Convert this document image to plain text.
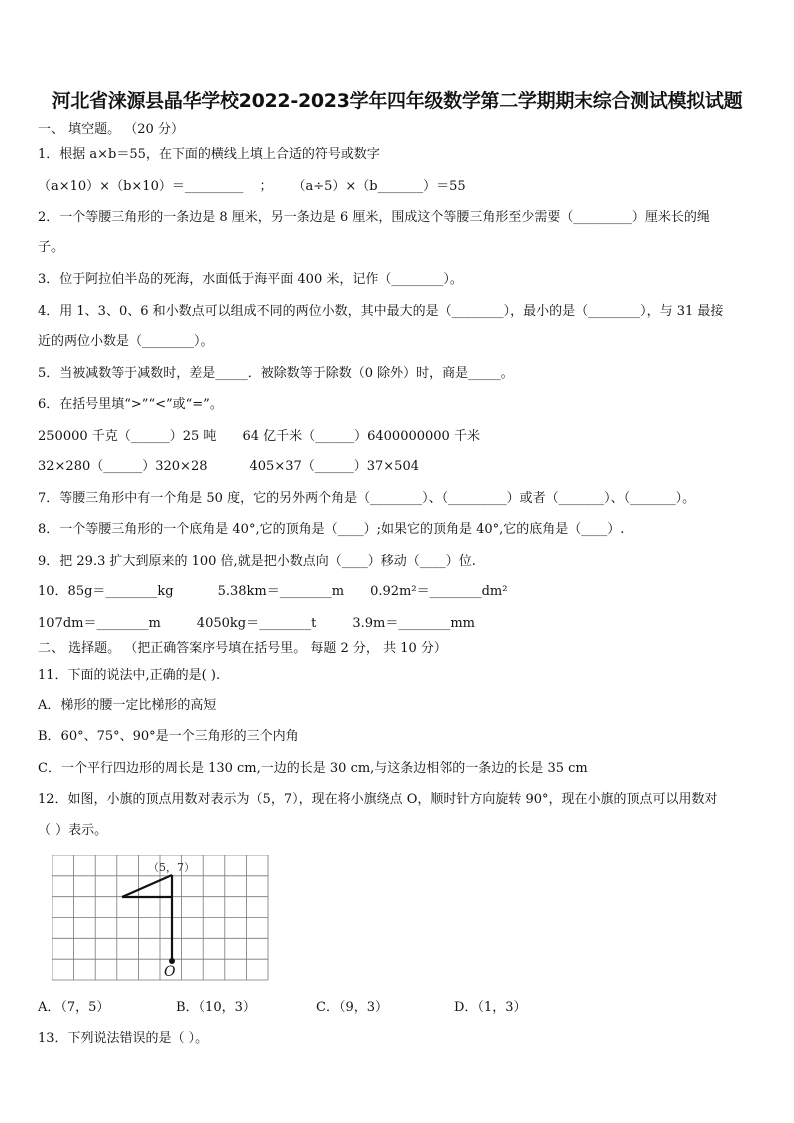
河北省涞源县晶华学校2022-2023学年四年级数学第二学期期末综合测试模拟试题
一、 填空题。 （20 分）
1．根据 a×b＝55，在下面的横线上填上合适的符号或数字
（a×10）×（b×10）＝_________ ； （a÷5）×（b_______）＝55
2．一个等腰三角形的一条边是 8 厘米，另一条边是 6 厘米，围成这个等腰三角形至少需要（_________）厘米长的绳
子。
3．位于阿拉伯半岛的死海，水面低于海平面 400 米，记作（________）。
4．用 1、3、0、6 和小数点可以组成不同的两位小数，其中最大的是（________），最小的是（________），与 31 最接
近的两位小数是（________）。
5．当被减数等于减数时，差是_____．被除数等于除数（0 除外）时，商是_____。
6．在括号里填“>”“<”或“=”。
250000 千克（______）25 吨 64 亿千米（______）6400000000 千米
32×280（______）320×28	405×37（______）37×504
7．等腰三角形中有一个角是 50 度，它的另外两个角是（________）、（_________）或者（_______）、（_______）。
8．一个等腰三角形的一个底角是 40°,它的顶角是（____）;如果它的顶角是 40°,它的底角是（____）.
9．把 29.3 扩大到原来的 100 倍,就是把小数点向（____）移动（____）位.
10．85g＝________kg	5.38km＝________m 0.92m²＝________dm²
107dm＝________m	4050kg＝________t	3.9m＝________mm
二、 选择题。 （把正确答案序号填在括号里。 每题 2 分， 共 10 分）
11．下面的说法中,正确的是( ).
A．梯形的腰一定比梯形的高短
B．60°、75°、90°是一个三角形的三个内角
C．一个平行四边形的周长是 130 cm,一边的长是 30 cm,与这条边相邻的一条边的长是 35 cm
12．如图，小旗的顶点用数对表示为（5，7），现在将小旗绕点 O，顺时针方向旋转 90°，现在小旗的顶点可以用数对
（ ）表示。
（5，7）
O
A．（7，5）	B．（10，3）	C．（9，3）	D．（1，3）
13．下列说法错误的是（ ）。
